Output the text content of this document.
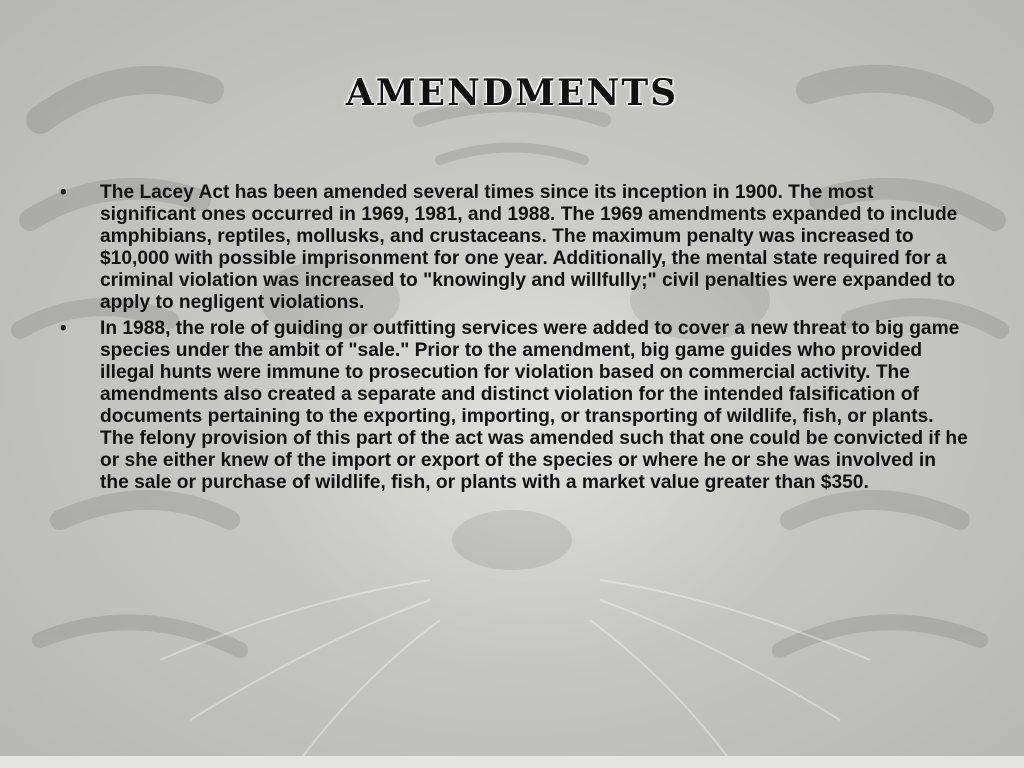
amendments
• The Lacey Act has been amended several times since its inception in 1900. The most significant ones occurred in 1969, 1981, and 1988. The 1969 amendments expanded to include amphibians, reptiles, mollusks, and crustaceans. The maximum penalty was increased to $10,000 with possible imprisonment for one year. Additionally, the mental state required for a criminal violation was increased to "knowingly and willfully;" civil penalties were expanded to apply to negligent violations.
• In 1988, the role of guiding or outfitting services were added to cover a new threat to big game species under the ambit of "sale." Prior to the amendment, big game guides who provided illegal hunts were immune to prosecution for violation based on commercial activity. The amendments also created a separate and distinct violation for the intended falsification of documents pertaining to the exporting, importing, or transporting of wildlife, fish, or plants. The felony provision of this part of the act was amended such that one could be convicted if he or she either knew of the import or export of the species or where he or she was involved in the sale or purchase of wildlife, fish, or plants with a market value greater than $350.
